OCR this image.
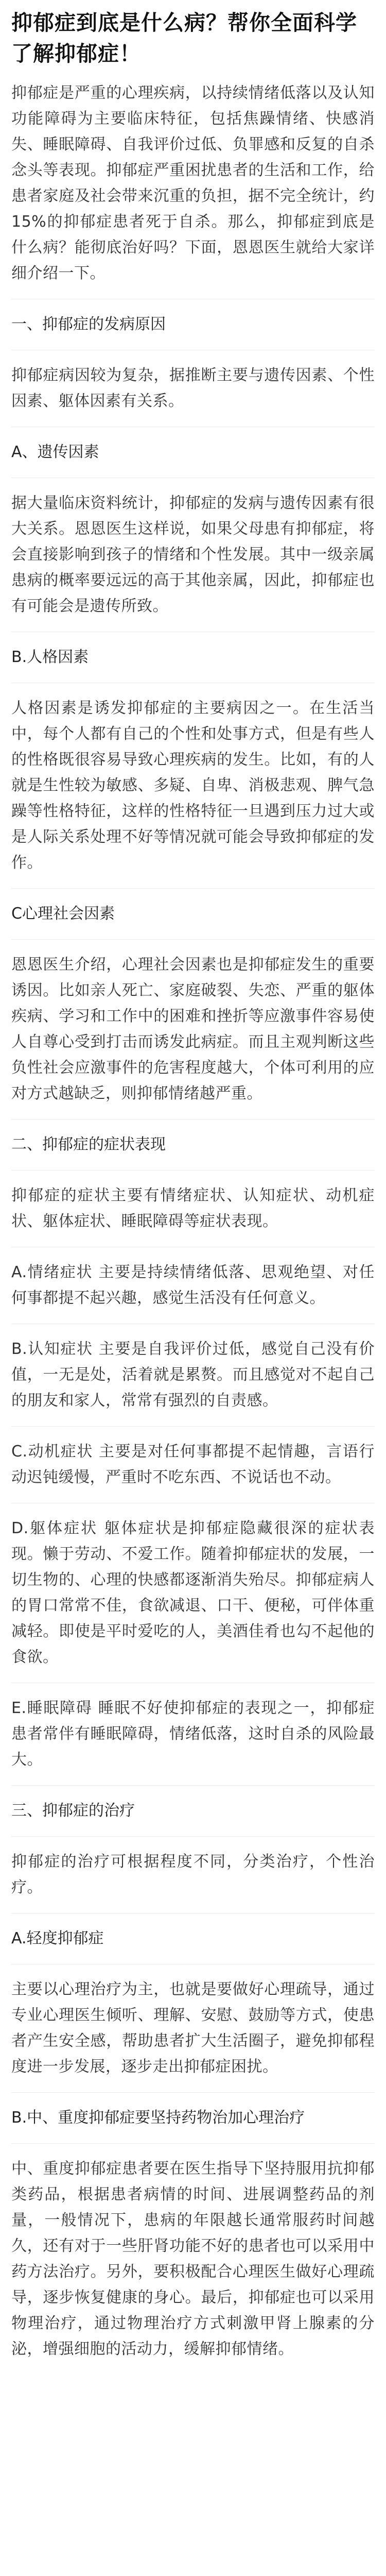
抑郁症到底是什么病？帮你全面科学了解抑郁症！

抑郁症是严重的心理疾病，以持续情绪低落以及认知功能障碍为主要临床特征，包括焦躁情绪、快感消失、睡眠障碍、自我评价过低、负罪感和反复的自杀念头等表现。抑郁症严重困扰患者的生活和工作，给患者家庭及社会带来沉重的负担，据不完全统计，约15%的抑郁症患者死于自杀。那么，抑郁症到底是什么病？能彻底治好吗？下面，恩恩医生就给大家详细介绍一下。

一、抑郁症的发病原因

抑郁症病因较为复杂，据推断主要与遗传因素、个性因素、躯体因素有关系。

A、遗传因素

据大量临床资料统计，抑郁症的发病与遗传因素有很大关系。恩恩医生这样说，如果父母患有抑郁症，将会直接影响到孩子的情绪和个性发展。其中一级亲属患病的概率要远远的高于其他亲属，因此，抑郁症也有可能会是遗传所致。

B.人格因素

人格因素是诱发抑郁症的主要病因之一。在生活当中，每个人都有自己的个性和处事方式，但是有些人的性格既很容易导致心理疾病的发生。比如，有的人就是生性较为敏感、多疑、自卑、消极悲观、脾气急躁等性格特征，这样的性格特征一旦遇到压力过大或是人际关系处理不好等情况就可能会导致抑郁症的发作。

C心理社会因素

恩恩医生介绍，心理社会因素也是抑郁症发生的重要诱因。比如亲人死亡、家庭破裂、失恋、严重的躯体疾病、学习和工作中的困难和挫折等应激事件容易使人自尊心受到打击而诱发此病症。而且主观判断这些负性社会应激事件的危害程度越大，个体可利用的应对方式越缺乏，则抑郁情绪越严重。

二、抑郁症的症状表现

抑郁症的症状主要有情绪症状、认知症状、动机症状、躯体症状、睡眠障碍等症状表现。

A.情绪症状 主要是持续情绪低落、思观绝望、对任何事都提不起兴趣，感觉生活没有任何意义。

B.认知症状 主要是自我评价过低，感觉自己没有价值，一无是处，活着就是累赘。而且感觉对不起自己的朋友和家人，常常有强烈的自责感。

C.动机症状 主要是对任何事都提不起情趣，言语行动迟钝缓慢，严重时不吃东西、不说话也不动。

D.躯体症状 躯体症状是抑郁症隐藏很深的症状表现。懒于劳动、不爱工作。随着抑郁症状的发展，一切生物的、心理的快感都逐渐消失殆尽。抑郁症病人的胃口常常不佳，食欲减退、口干、便秘，可伴体重减轻。即使是平时爱吃的人，美酒佳肴也勾不起他的食欲。

E.睡眠障碍 睡眠不好使抑郁症的表现之一，抑郁症患者常伴有睡眠障碍，情绪低落，这时自杀的风险最大。

三、抑郁症的治疗

抑郁症的治疗可根据程度不同，分类治疗，个性治疗。

A.轻度抑郁症

主要以心理治疗为主，也就是要做好心理疏导，通过专业心理医生倾听、理解、安慰、鼓励等方式，使患者产生安全感，帮助患者扩大生活圈子，避免抑郁程度进一步发展，逐步走出抑郁症困扰。

B.中、重度抑郁症要坚持药物治加心理治疗

中、重度抑郁症患者要在医生指导下坚持服用抗抑郁类药品，根据患者病情的时间、进展调整药品的剂量，一般情况下，患病的年限越长通常服药时间越久，还有对于一些肝肾功能不好的患者也可以采用中药方法治疗。另外，要积极配合心理医生做好心理疏导，逐步恢复健康的身心。最后，抑郁症也可以采用物理治疗，通过物理治疗方式刺激甲肾上腺素的分泌，增强细胞的活动力，缓解抑郁情绪。
